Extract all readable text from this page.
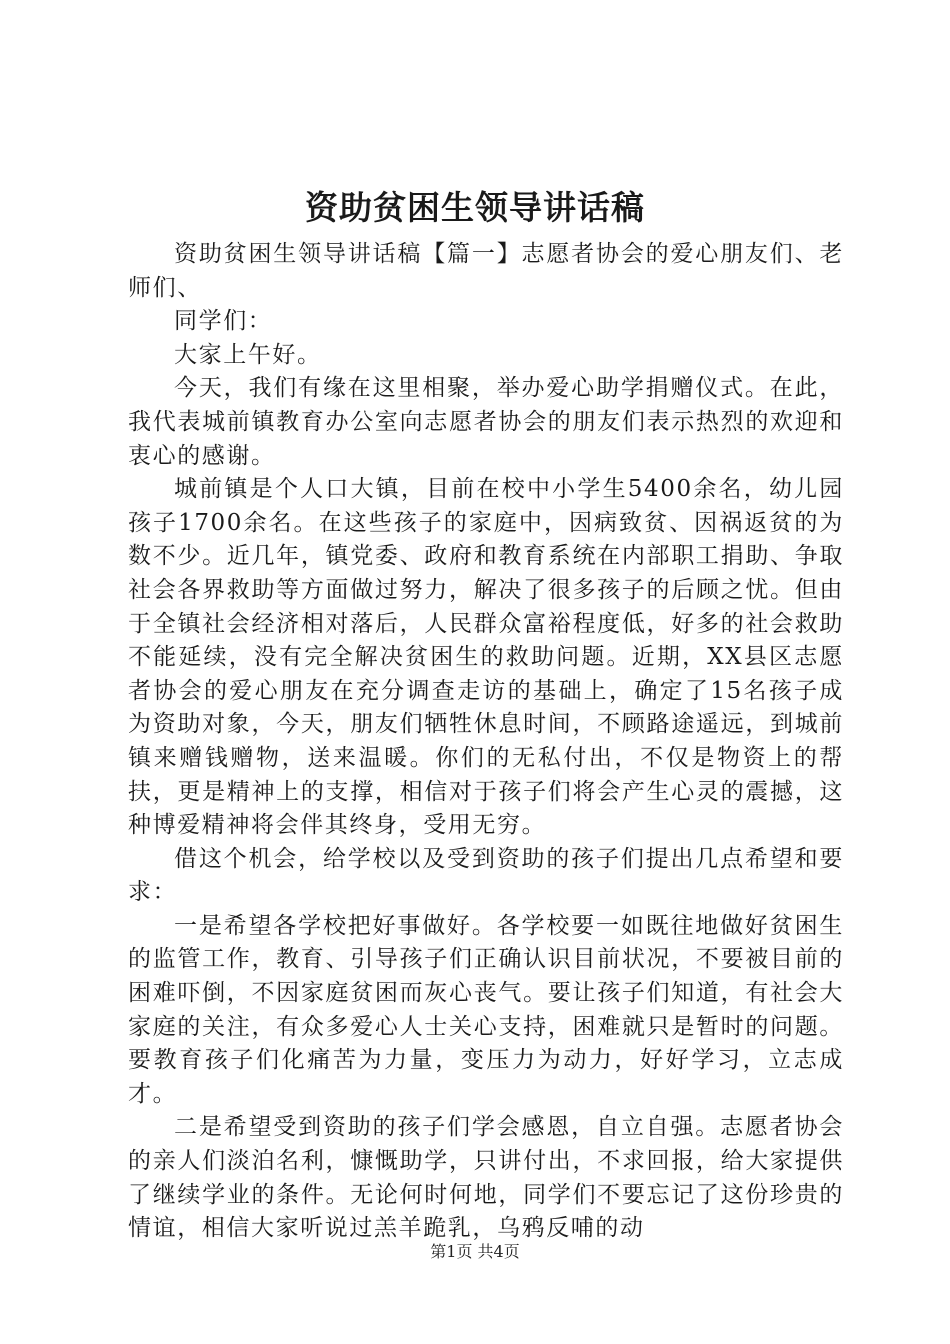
资助贫困生领导讲话稿

资助贫困生领导讲话稿【篇一】志愿者协会的爱心朋友们、老师们、

同学们：

大家上午好。

今天，我们有缘在这里相聚，举办爱心助学捐赠仪式。在此，我代表城前镇教育办公室向志愿者协会的朋友们表示热烈的欢迎和衷心的感谢。

城前镇是个人口大镇，目前在校中小学生5400余名，幼儿园孩子1700余名。在这些孩子的家庭中，因病致贫、因祸返贫的为数不少。近几年，镇党委、政府和教育系统在内部职工捐助、争取社会各界救助等方面做过努力，解决了很多孩子的后顾之忧。但由于全镇社会经济相对落后，人民群众富裕程度低，好多的社会救助不能延续，没有完全解决贫困生的救助问题。近期，XX县区志愿者协会的爱心朋友在充分调查走访的基础上，确定了15名孩子成为资助对象，今天，朋友们牺牲休息时间，不顾路途遥远，到城前镇来赠钱赠物，送来温暖。你们的无私付出，不仅是物资上的帮扶，更是精神上的支撑，相信对于孩子们将会产生心灵的震撼，这种博爱精神将会伴其终身，受用无穷。

借这个机会，给学校以及受到资助的孩子们提出几点希望和要求：

一是希望各学校把好事做好。各学校要一如既往地做好贫困生的监管工作，教育、引导孩子们正确认识目前状况，不要被目前的困难吓倒，不因家庭贫困而灰心丧气。要让孩子们知道，有社会大家庭的关注，有众多爱心人士关心支持，困难就只是暂时的问题。要教育孩子们化痛苦为力量，变压力为动力，好好学习，立志成才。

二是希望受到资助的孩子们学会感恩，自立自强。志愿者协会的亲人们淡泊名利，慷慨助学，只讲付出，不求回报，给大家提供了继续学业的条件。无论何时何地，同学们不要忘记了这份珍贵的情谊，相信大家听说过羔羊跪乳，乌鸦反哺的动

第1页 共4页
